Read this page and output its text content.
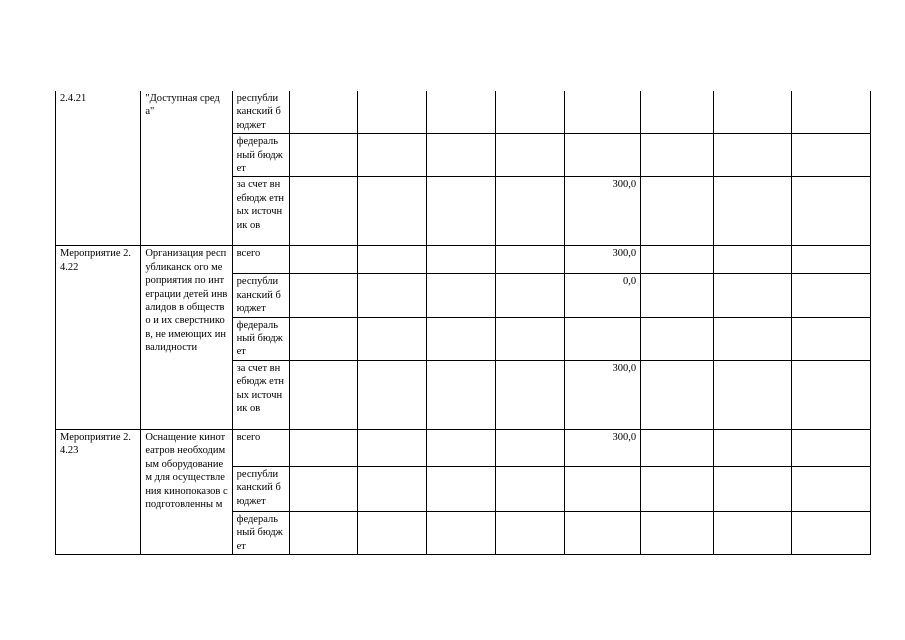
2.4.21	"Доступная среда"	республи канский бюджет								
		федераль ный бюджет								
		за счет внебюдж етных источник ов					300,0			
Мероприятие 2.4.22	Организация республиканск ого мероприятия по интеграции детей инвалидов в общество и их сверстников, не имеющих инвалидности	всего					300,0			
		республи канский бюджет					0,0			
		федераль ный бюджет								
		за счет внебюдж етных источник ов					300,0			
Мероприятие 2.4.23	Оснащение кинотеатров необходимым оборудованием для осуществления кинопоказов с подготовленны м	всего					300,0			
		республи канский бюджет								
		федераль ный бюджет								
